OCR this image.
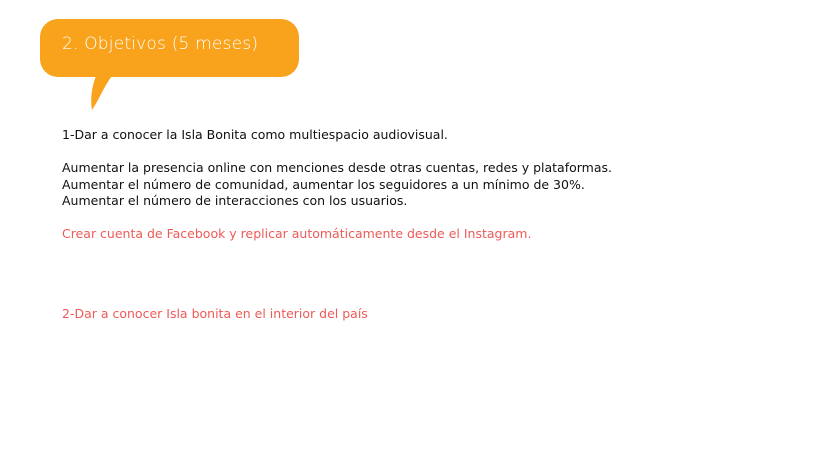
2. Objetivos (5 meses)

1-Dar a conocer la Isla Bonita como multiespacio audiovisual.

Aumentar la presencia online con menciones desde otras cuentas, redes y plataformas.

Aumentar el número de comunidad, aumentar los seguidores a un mínimo de 30%.

Aumentar el número de interacciones con los usuarios.

Crear cuenta de Facebook y replicar automáticamente desde el Instagram.

2-Dar a conocer Isla bonita en el interior del país
